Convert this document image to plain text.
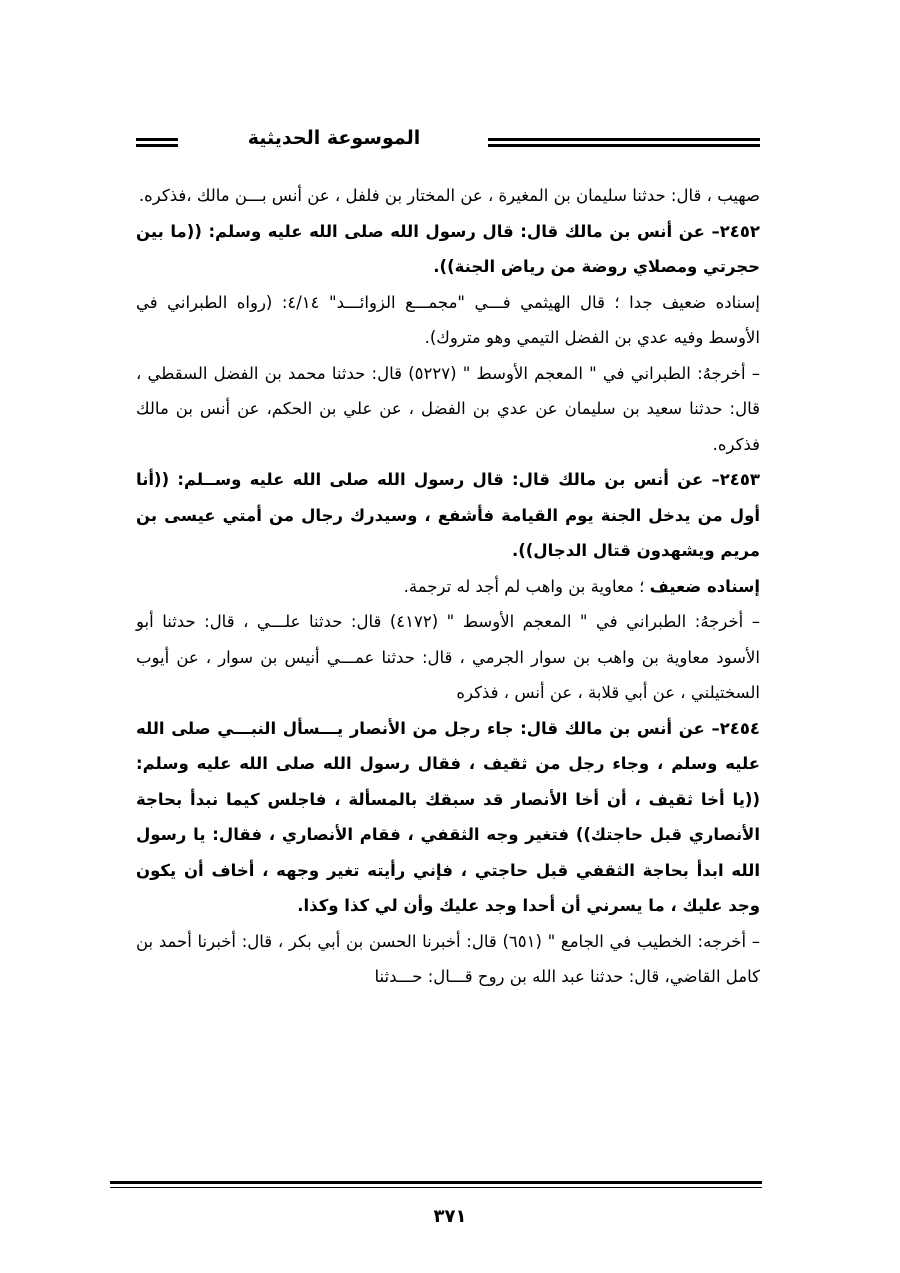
الموسوعة الحديثية

صهيب ، قال: حدثنا سليمان بن المغيرة ، عن المختار بن فلفل ، عن أنس بـــن مالك ،فذكره.

٢٤٥٢– عن أنس بن مالك قال: قال رسول الله صلى الله عليه وسلم: ((ما بين حجرتي ومصلاي روضة من رياض الجنة)).

إسناده ضعيف جدا ؛ قال الهيثمي فـــي "مجمـــع الزوائـــد" ٤/١٤: (رواه الطبراني في الأوسط وفيه عدي بن الفضل التيمي وهو متروك).

– أخرجهُ: الطبراني في " المعجم الأوسط " (٥٢٢٧) قال: حدثنا محمد بن الفضل السقطي ، قال: حدثنا سعيد بن سليمان عن عدي بن الفضل ، عن علي بن الحكم، عن أنس بن مالك فذكره.

٢٤٥٣– عن أنس بن مالك قال: قال رسول الله صلى الله عليه وســلم: ((أنا أول من يدخل الجنة يوم القيامة فأشفع ، وسيدرك رجال من أمتي عيسى بن مريم ويشهدون قتال الدجال)).

إسناده ضعيف ؛ معاوية بن واهب لم أجد له ترجمة.

– أخرجهُ: الطبراني في " المعجم الأوسط " (٤١٧٢) قال: حدثنا علـــي ، قال: حدثنا أبو الأسود معاوية بن واهب بن سوار الجرمي ، قال: حدثنا عمـــي أنيس بن سوار ، عن أيوب السختيلني ، عن أبي قلابة ، عن أنس ، فذكره

٢٤٥٤– عن أنس بن مالك قال: جاء رجل من الأنصار يـــسأل النبـــي صلى الله عليه وسلم ، وجاء رجل من ثقيف ، فقال رسول الله صلى الله عليه وسلم: ((يا أخا ثقيف ، أن أخا الأنصار قد سبقك بالمسألة ، فاجلس كيما نبدأ بحاجة الأنصاري قبل حاجتك)) فتغير وجه الثقفي ، فقام الأنصاري ، فقال: يا رسول الله ابدأ بحاجة الثقفي قبل حاجتي ، فإني رأيته تغير وجهه ، أخاف أن يكون وجد عليك ، ما يسرني أن أحدا وجد عليك وأن لي كذا وكذا.

– أخرجه: الخطيب في الجامع " (٦٥١) قال: أخبرنا الحسن بن أبي بكر ، قال: أخبرنا أحمد بن كامل القاضي، قال: حدثنا عبد الله بن روح قـــال: حـــدثنا

٣٧١
